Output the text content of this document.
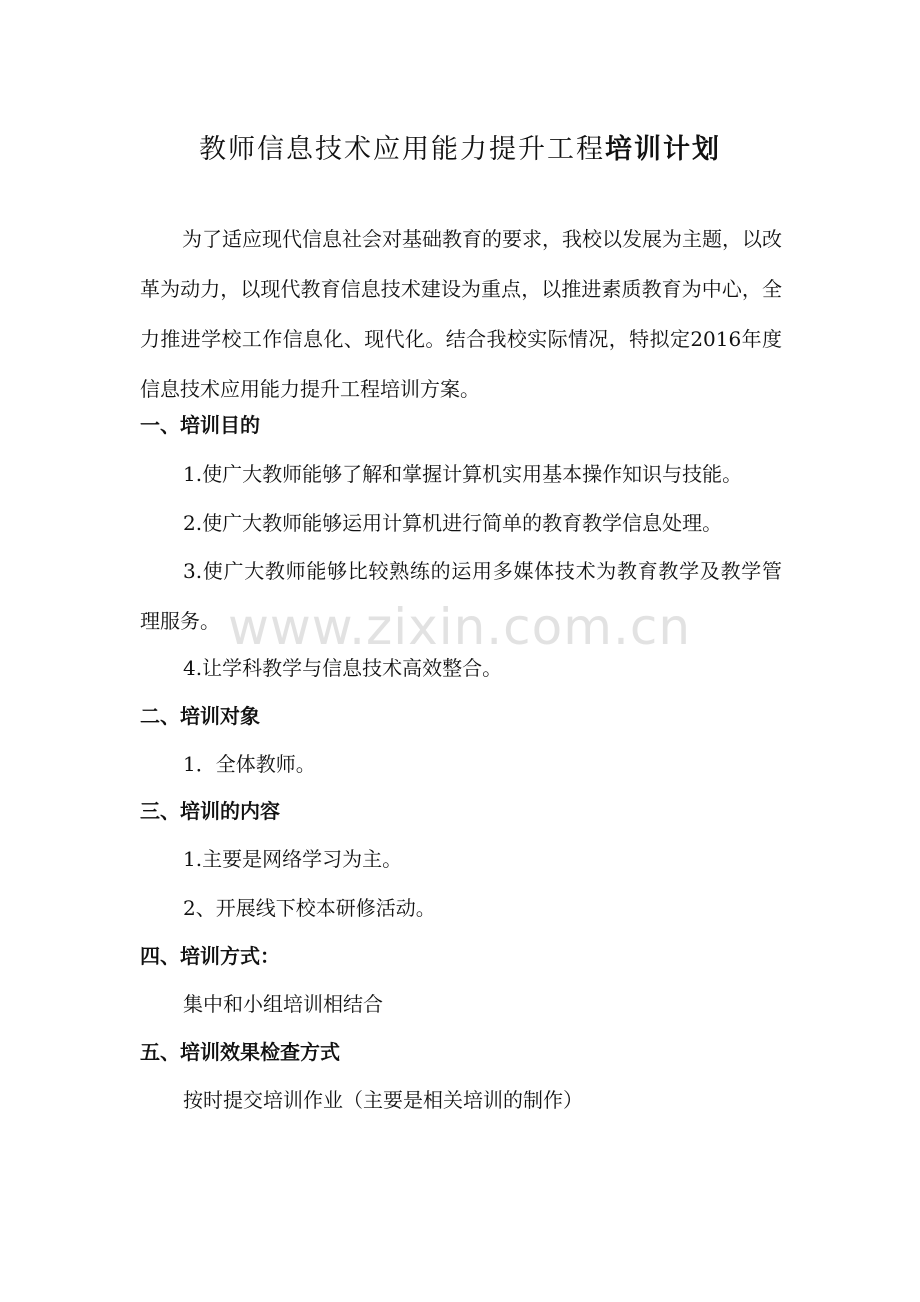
教师信息技术应用能力提升工程培训计划
为了适应现代信息社会对基础教育的要求，我校以发展为主题，以改革为动力，以现代教育信息技术建设为重点，以推进素质教育为中心，全力推进学校工作信息化、现代化。结合我校实际情况，特拟定2016年度信息技术应用能力提升工程培训方案。
一、培训目的
1.使广大教师能够了解和掌握计算机实用基本操作知识与技能。
2.使广大教师能够运用计算机进行简单的教育教学信息处理。
3.使广大教师能够比较熟练的运用多媒体技术为教育教学及教学管理服务。
4.让学科教学与信息技术高效整合。
二、培训对象
1．全体教师。
三、培训的内容
1.主要是网络学习为主。
2、开展线下校本研修活动。
四、培训方式：
集中和小组培训相结合
五、培训效果检查方式
按时提交培训作业（主要是相关培训的制作）
www.zixin.com.cn
